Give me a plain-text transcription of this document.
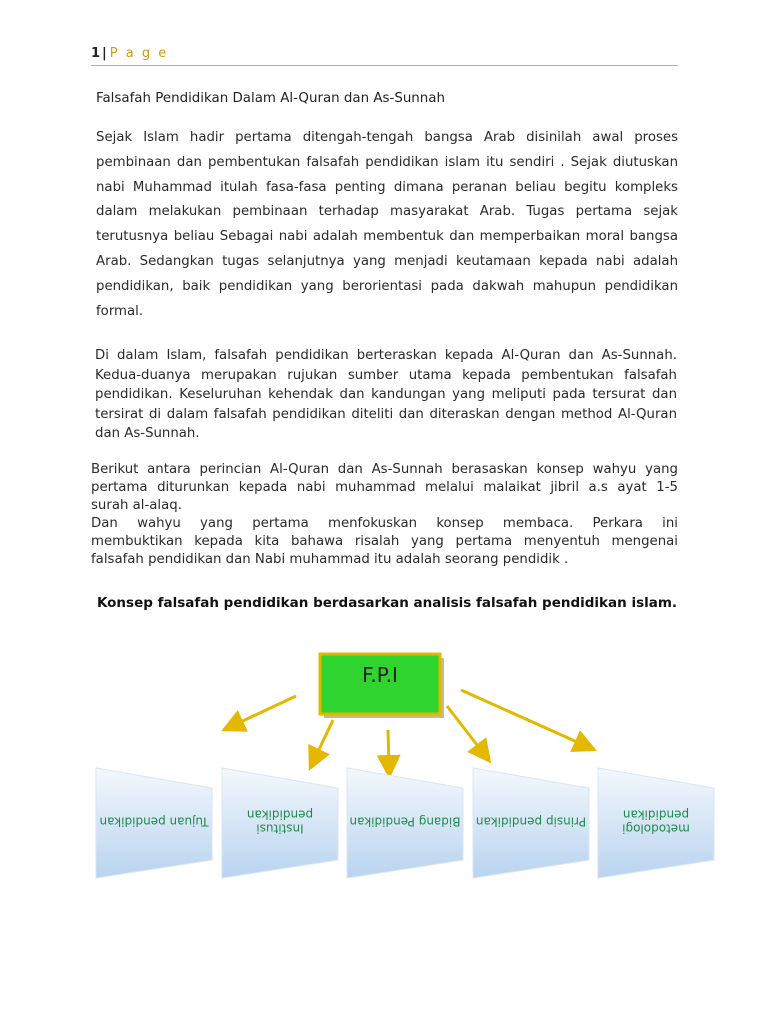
1 | P a g e
Falsafah Pendidikan Dalam Al-Quran dan As-Sunnah
Sejak Islam hadir pertama ditengah-tengah bangsa Arab disinilah awal proses pembinaan dan pembentukan falsafah pendidikan islam itu sendiri . Sejak diutuskan nabi Muhammad itulah fasa-fasa penting dimana peranan beliau begitu kompleks dalam melakukan pembinaan terhadap masyarakat Arab. Tugas pertama sejak terutusnya beliau Sebagai nabi adalah membentuk dan memperbaikan moral bangsa Arab. Sedangkan tugas selanjutnya yang menjadi keutamaan kepada nabi adalah pendidikan, baik pendidikan yang berorientasi pada dakwah mahupun pendidikan formal.
Di dalam Islam, falsafah pendidikan berteraskan kepada Al-Quran dan As-Sunnah. Kedua-duanya merupakan rujukan sumber utama kepada pembentukan falsafah pendidikan. Keseluruhan kehendak dan kandungan yang meliputi pada tersurat dan tersirat di dalam falsafah pendidikan diteliti dan diteraskan dengan method Al-Quran dan As-Sunnah.
Berikut antara perincian Al-Quran dan As-Sunnah berasaskan konsep wahyu yang
pertama diturunkan kepada nabi muhammad melalui malaikat jibril a.s ayat 1-5
surah al-alaq.
Dan wahyu yang pertama menfokuskan konsep membaca. Perkara ini
membuktikan kepada kita bahawa risalah yang pertama menyentuh mengenai
falsafah pendidikan dan Nabi muhammad itu adalah seorang pendidik .
Konsep falsafah pendidikan berdasarkan analisis falsafah pendidikan islam.
F.P.I
Tujuan pendidikan	Institusi
pendidikan	Bidang Pendidikan Prinsip pendidikan	metodologi
pendidikan
